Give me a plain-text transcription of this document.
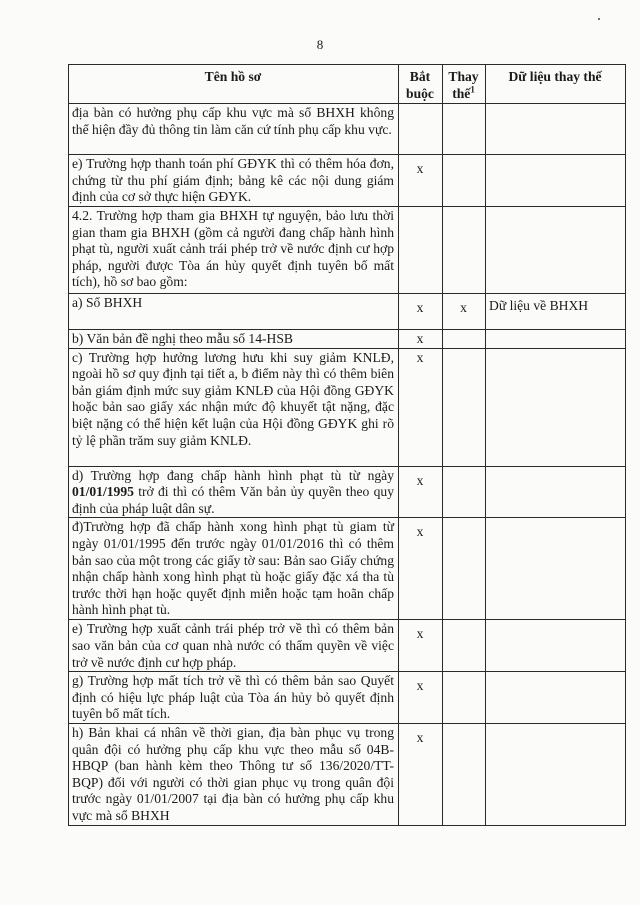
8
Tên hồ sơ	Bắt buộc	Thay thế$^1$	Dữ liệu thay thế
địa bàn có hưởng phụ cấp khu vực mà sổ BHXH không thể hiện đầy đủ thông tin làm căn cứ tính phụ cấp khu vực.			
e) Trường hợp thanh toán phí GĐYK thì có thêm hóa đơn, chứng từ thu phí giám định; bảng kê các nội dung giám định của cơ sở thực hiện GĐYK.	x		
4.2. Trường hợp tham gia BHXH tự nguyện, bảo lưu thời gian tham gia BHXH (gồm cả người đang chấp hành hình phạt tù, người xuất cảnh trái phép trở về nước định cư hợp pháp, người được Tòa án hủy quyết định tuyên bố mất tích), hồ sơ bao gồm:			
a) Sổ BHXH	x	x	Dữ liệu về BHXH
b) Văn bản đề nghị theo mẫu số 14-HSB	x		
c) Trường hợp hưởng lương hưu khi suy giảm KNLĐ, ngoài hồ sơ quy định tại tiết a, b điểm này thì có thêm biên bản giám định mức suy giảm KNLĐ của Hội đồng GĐYK hoặc bản sao giấy xác nhận mức độ khuyết tật nặng, đặc biệt nặng có thể hiện kết luận của Hội đồng GĐYK ghi rõ tỷ lệ phần trăm suy giảm KNLĐ.	x		
d) Trường hợp đang chấp hành hình phạt tù từ ngày 01/01/1995 trở đi thì có thêm Văn bản ủy quyền theo quy định của pháp luật dân sự.	x		
đ)Trường hợp đã chấp hành xong hình phạt tù giam từ ngày 01/01/1995 đến trước ngày 01/01/2016 thì có thêm bản sao của một trong các giấy tờ sau: Bản sao Giấy chứng nhận chấp hành xong hình phạt tù hoặc giấy đặc xá tha tù trước thời hạn hoặc quyết định miễn hoặc tạm hoãn chấp hành hình phạt tù.	x		
e) Trường hợp xuất cảnh trái phép trở về thì có thêm bản sao văn bản của cơ quan nhà nước có thẩm quyền về việc trở về nước định cư hợp pháp.	x		
g) Trường hợp mất tích trở về thì có thêm bản sao Quyết định có hiệu lực pháp luật của Tòa án hủy bỏ quyết định tuyên bố mất tích.	x		
h) Bản khai cá nhân về thời gian, địa bàn phục vụ trong quân đội có hưởng phụ cấp khu vực theo mẫu số 04B-HBQP (ban hành kèm theo Thông tư số 136/2020/TT-BQP) đối với người có thời gian phục vụ trong quân đội trước ngày 01/01/2007 tại địa bàn có hưởng phụ cấp khu vực mà sổ BHXH	x		
